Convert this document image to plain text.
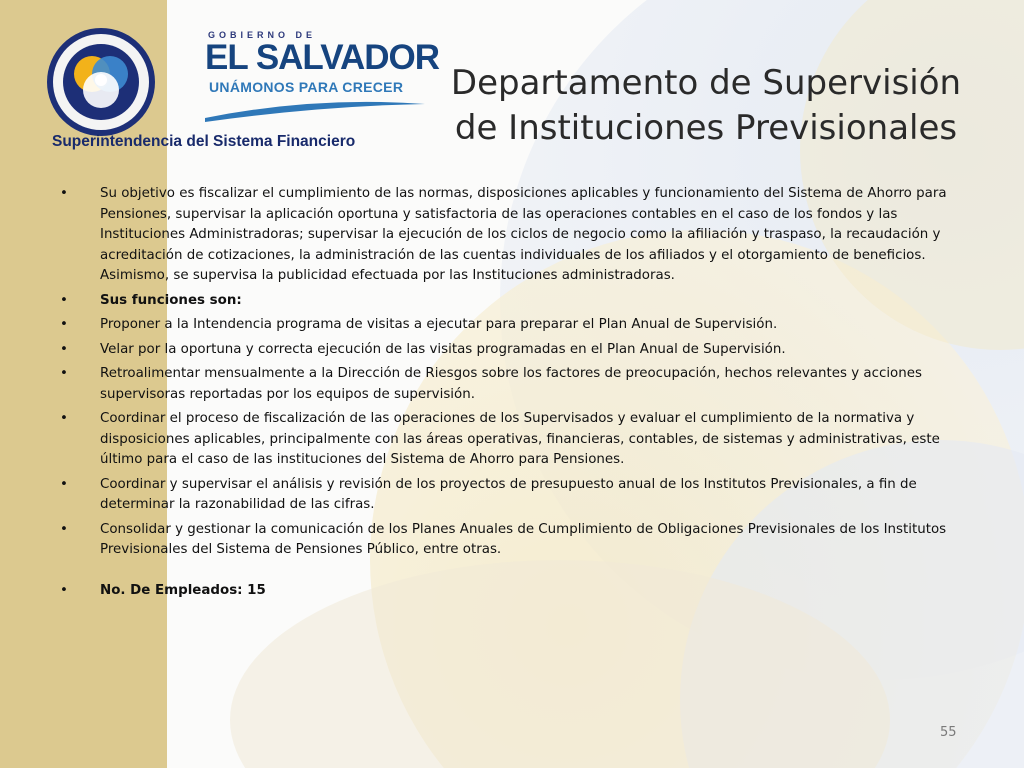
GOBIERNO DE
EL SALVADOR
UNÁMONOS PARA CRECER
Superintendencia del Sistema Financiero
Departamento de Supervisión
de Instituciones Previsionales
•	Su objetivo es fiscalizar el cumplimiento de las normas, disposiciones aplicables y funcionamiento del Sistema de Ahorro para Pensiones, supervisar la aplicación oportuna y satisfactoria de las operaciones contables en el caso de los fondos y las Instituciones Administradoras; supervisar la ejecución de los ciclos de negocio como la afiliación y traspaso, la recaudación y acreditación de cotizaciones, la administración de las cuentas individuales de los afiliados y el otorgamiento de beneficios. Asimismo, se supervisa la publicidad efectuada por las Instituciones administradoras.
•	Sus funciones son:
•	Proponer a la Intendencia programa de visitas a ejecutar para preparar el Plan Anual de Supervisión.
•	Velar por la oportuna y correcta ejecución de las visitas programadas en el Plan Anual de Supervisión.
•	Retroalimentar mensualmente a la Dirección de Riesgos sobre los factores de preocupación, hechos relevantes y acciones supervisoras reportadas por los equipos de supervisión.
•	Coordinar el proceso de fiscalización de las operaciones de los Supervisados y evaluar el cumplimiento de la normativa y disposiciones aplicables, principalmente con las áreas operativas, financieras, contables, de sistemas y administrativas, este último para el caso de las instituciones del Sistema de Ahorro para Pensiones.
•	Coordinar y supervisar el análisis y revisión de los proyectos de presupuesto anual de los Institutos Previsionales, a fin de determinar la razonabilidad de las cifras.
•	Consolidar y gestionar la comunicación de los Planes Anuales de Cumplimiento de Obligaciones Previsionales de los Institutos Previsionales del Sistema de Pensiones Público, entre otras.
•	No. De Empleados: 15
55
